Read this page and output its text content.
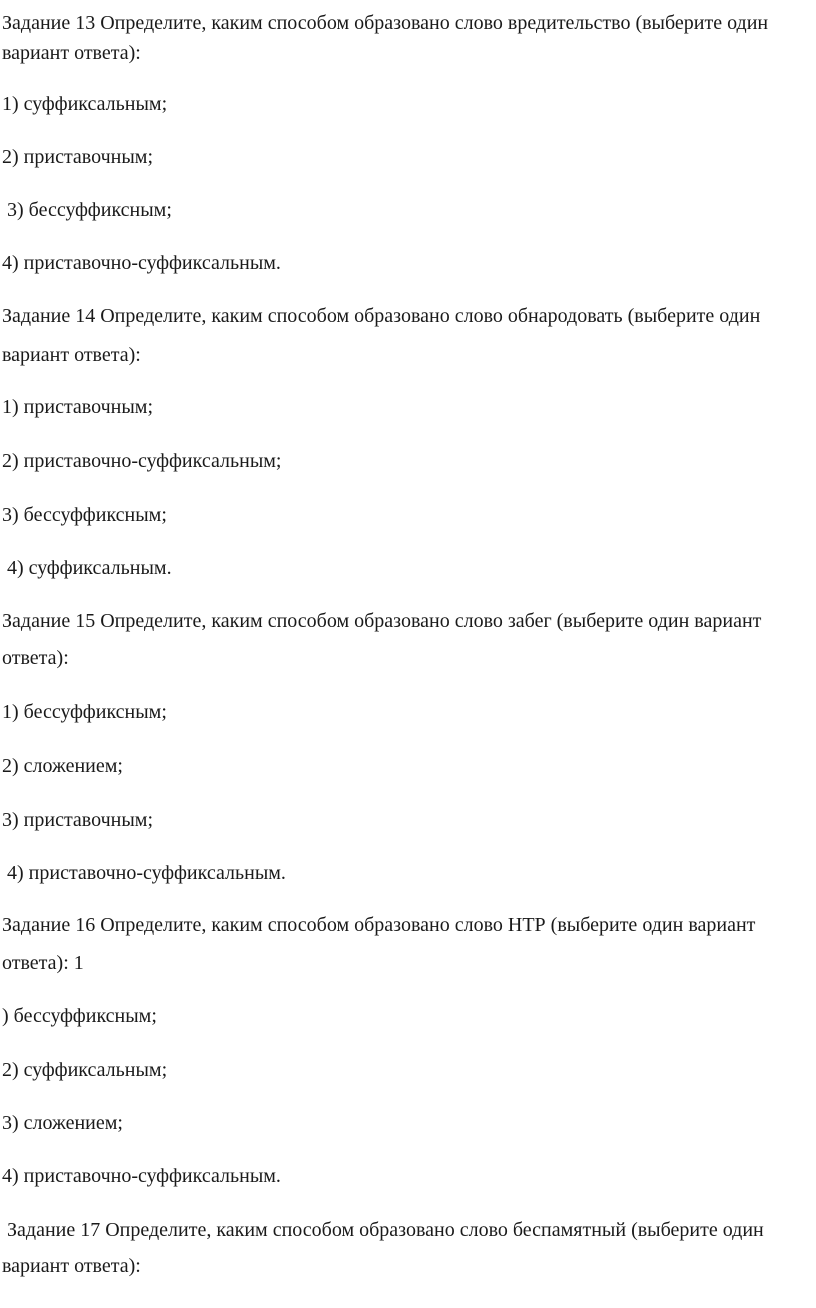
Задание 13 Определите, каким способом образовано слово вредительство (выберите один
вариант ответа):
1) суффиксальным;
2) приставочным;
3) бессуффиксным;
4) приставочно-суффиксальным.
Задание 14 Определите, каким способом образовано слово обнародовать (выберите один
вариант ответа):
1) приставочным;
2) приставочно-суффиксальным;
3) бессуффиксным;
4) суффиксальным.
Задание 15 Определите, каким способом образовано слово забег (выберите один вариант
ответа):
1) бессуффиксным;
2) сложением;
3) приставочным;
4) приставочно-суффиксальным.
Задание 16 Определите, каким способом образовано слово НТР (выберите один вариант
ответа): 1
) бессуффиксным;
2) суффиксальным;
3) сложением;
4) приставочно-суффиксальным.
Задание 17 Определите, каким способом образовано слово беспамятный (выберите один
вариант ответа):
